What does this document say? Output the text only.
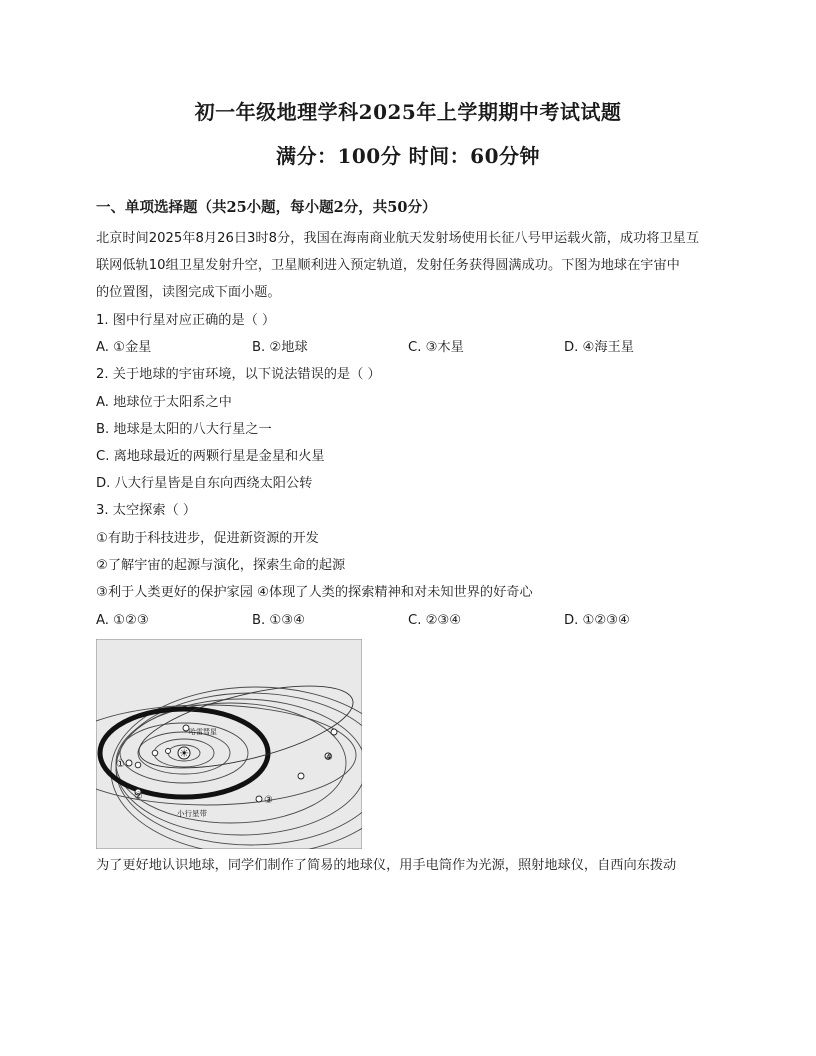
初一年级地理学科2025年上学期期中考试试题
满分：100分 时间：60分钟
一、单项选择题（共25小题，每小题2分，共50分）
北京时间2025年8月26日3时8分，我国在海南商业航天发射场使用长征八号甲运载火箭，成功将卫星互
联网低轨10组卫星发射升空，卫星顺利进入预定轨道，发射任务获得圆满成功。下图为地球在宇宙中
的位置图，读图完成下面小题。
1. 图中行星对应正确的是（ ）
A. ①金星	B. ②地球	C. ③木星	D. ④海王星
2. 关于地球的宇宙环境，以下说法错误的是（ ）
A. 地球位于太阳系之中
B. 地球是太阳的八大行星之一
C. 离地球最近的两颗行星是金星和火星
D. 八大行星皆是自东向西绕太阳公转
3. 太空探索（ ）
①有助于科技进步，促进新资源的开发
②了解宇宙的起源与演化，探索生命的起源
③利于人类更好的保护家园 ④体现了人类的探索精神和对未知世界的好奇心
A. ①②③	B. ①③④	C. ②③④	D. ①②③④
☀
哈雷彗星
①
②	③
④
小行星带
为了更好地认识地球，同学们制作了简易的地球仪，用手电筒作为光源，照射地球仪，自西向东拨动
